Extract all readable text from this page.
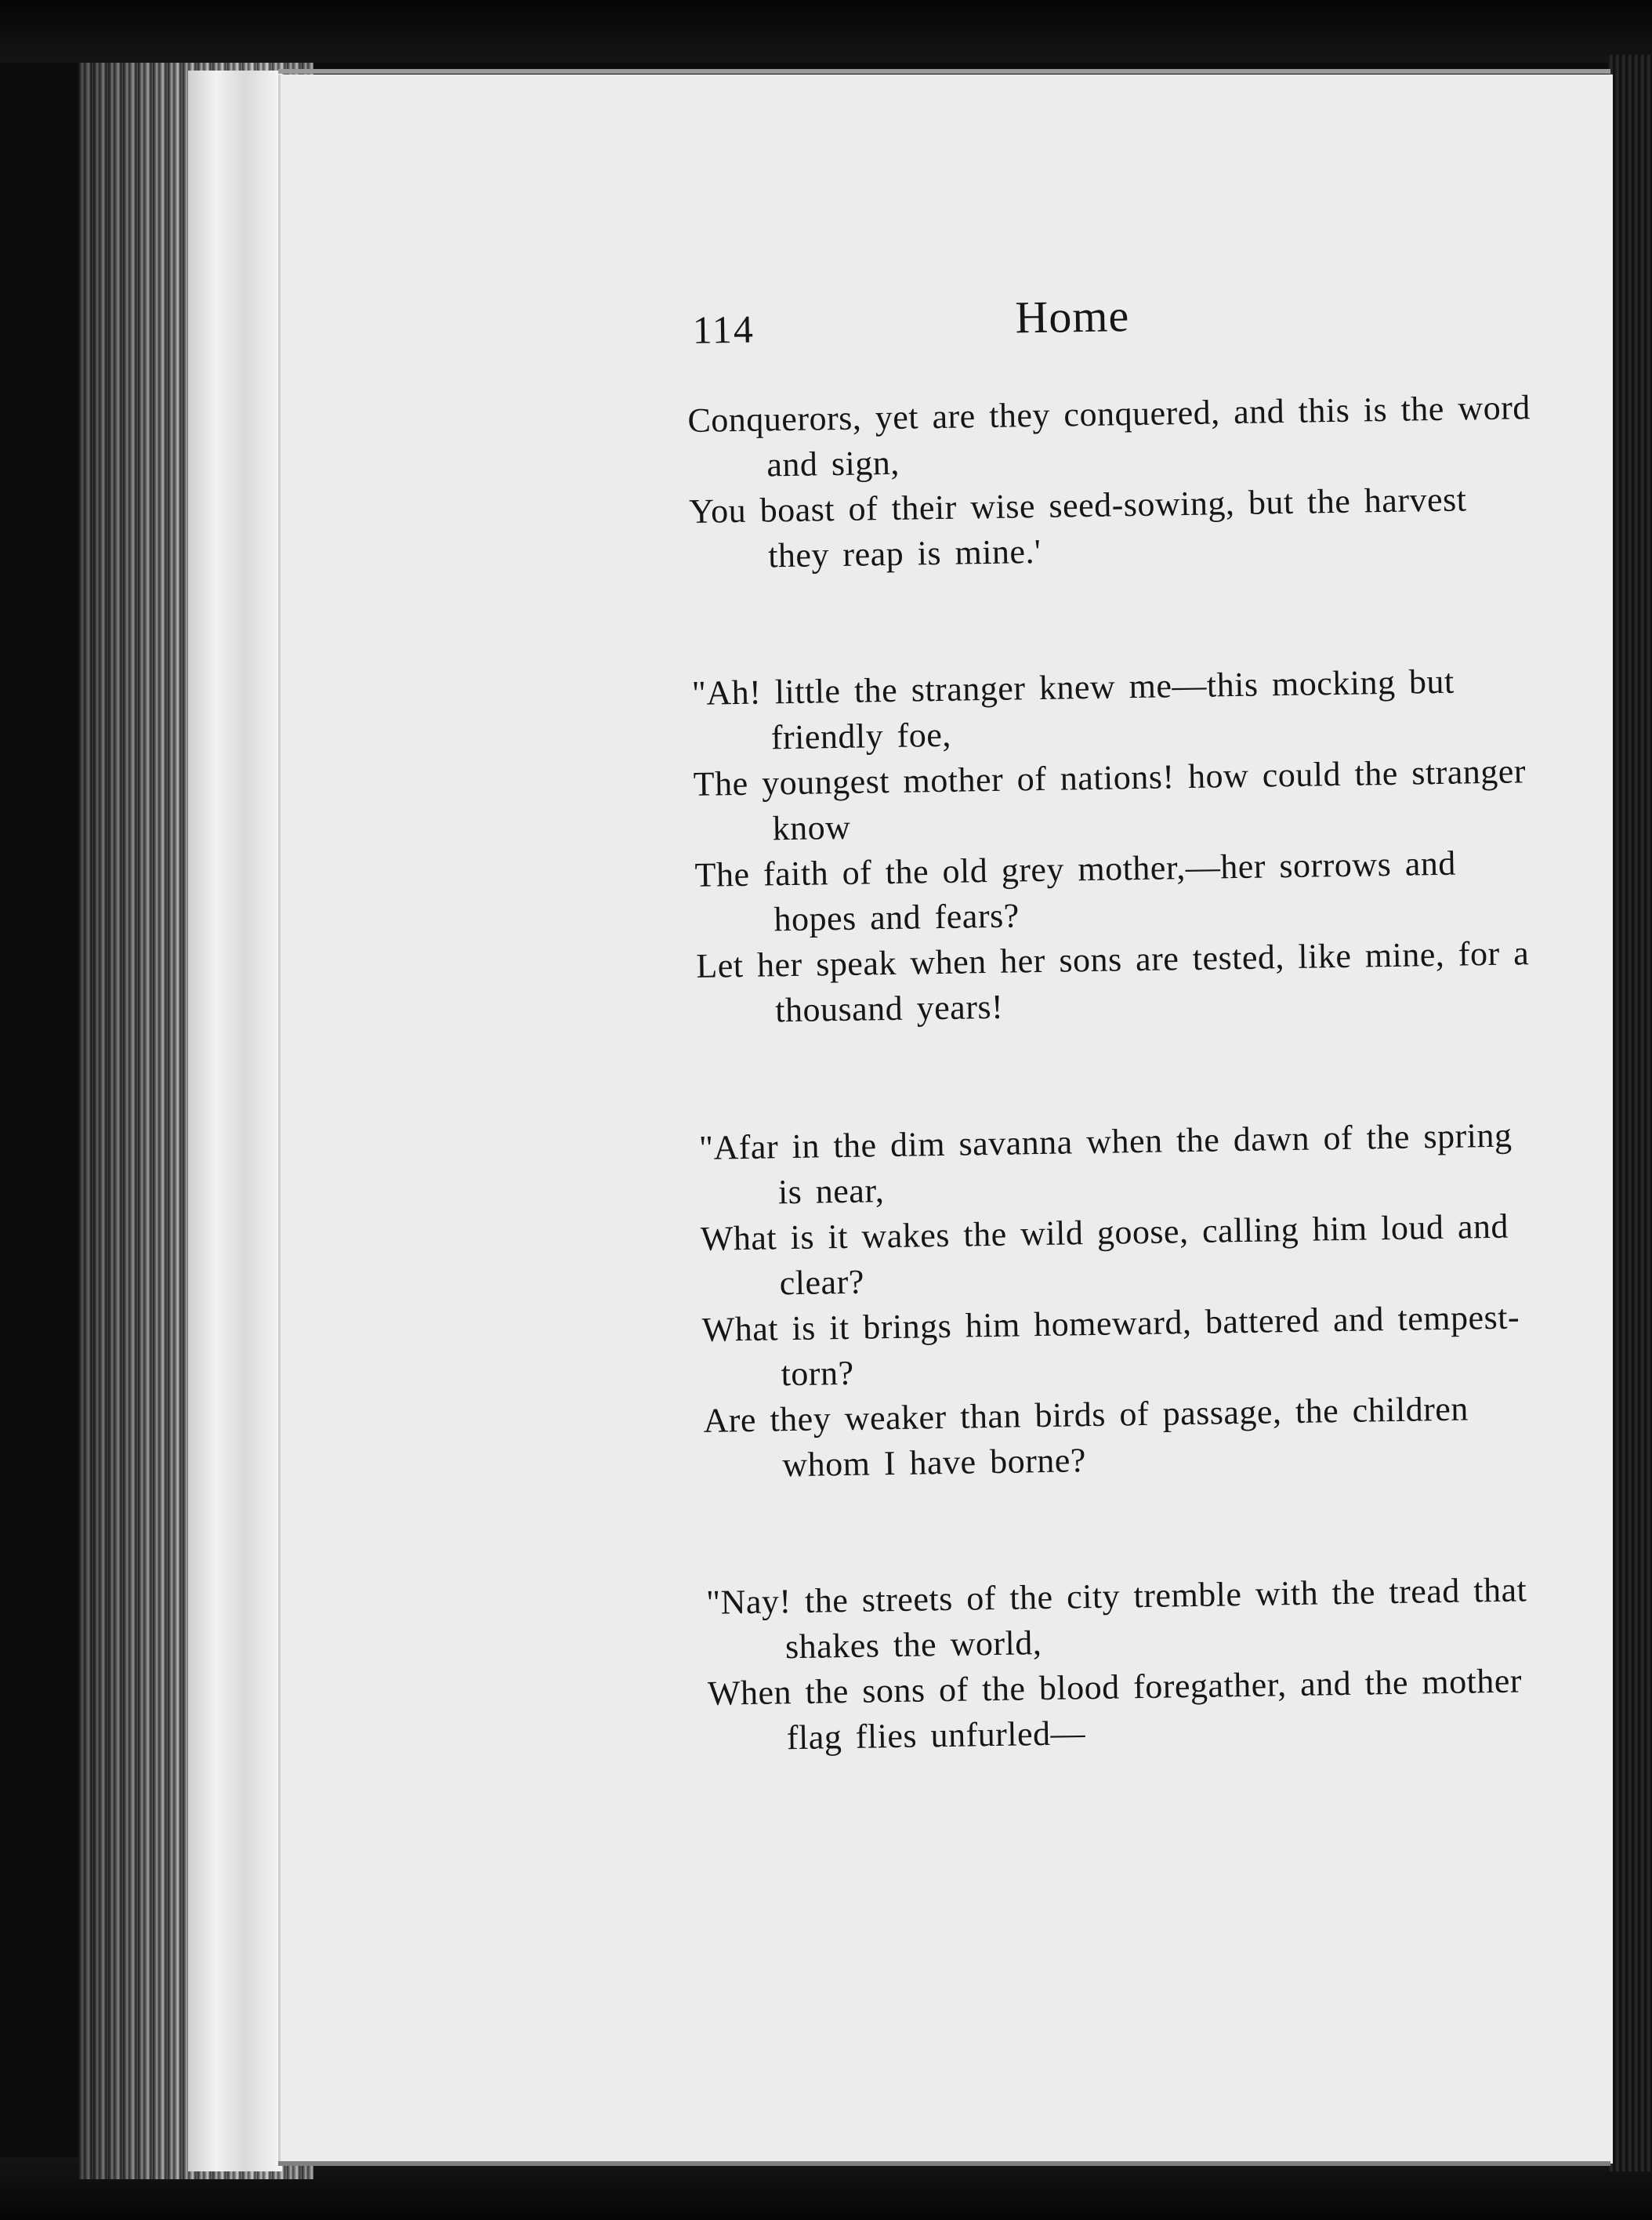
114	Home
Conquerors, yet are they conquered, and this is the word and sign,
You boast of their wise seed-sowing, but the harvest they reap is mine.'
"Ah! little the stranger knew me—this mocking but friendly foe,
The youngest mother of nations! how could the stranger know
The faith of the old grey mother,—her sorrows and hopes and fears?
Let her speak when her sons are tested, like mine, for a thousand years!
"Afar in the dim savanna when the dawn of the spring is near,
What is it wakes the wild goose, calling him loud and clear?
What is it brings him homeward, battered and tempest-torn?
Are they weaker than birds of passage, the children whom I have borne?
"Nay! the streets of the city tremble with the tread that shakes the world,
When the sons of the blood foregather, and the mother flag flies unfurled—
